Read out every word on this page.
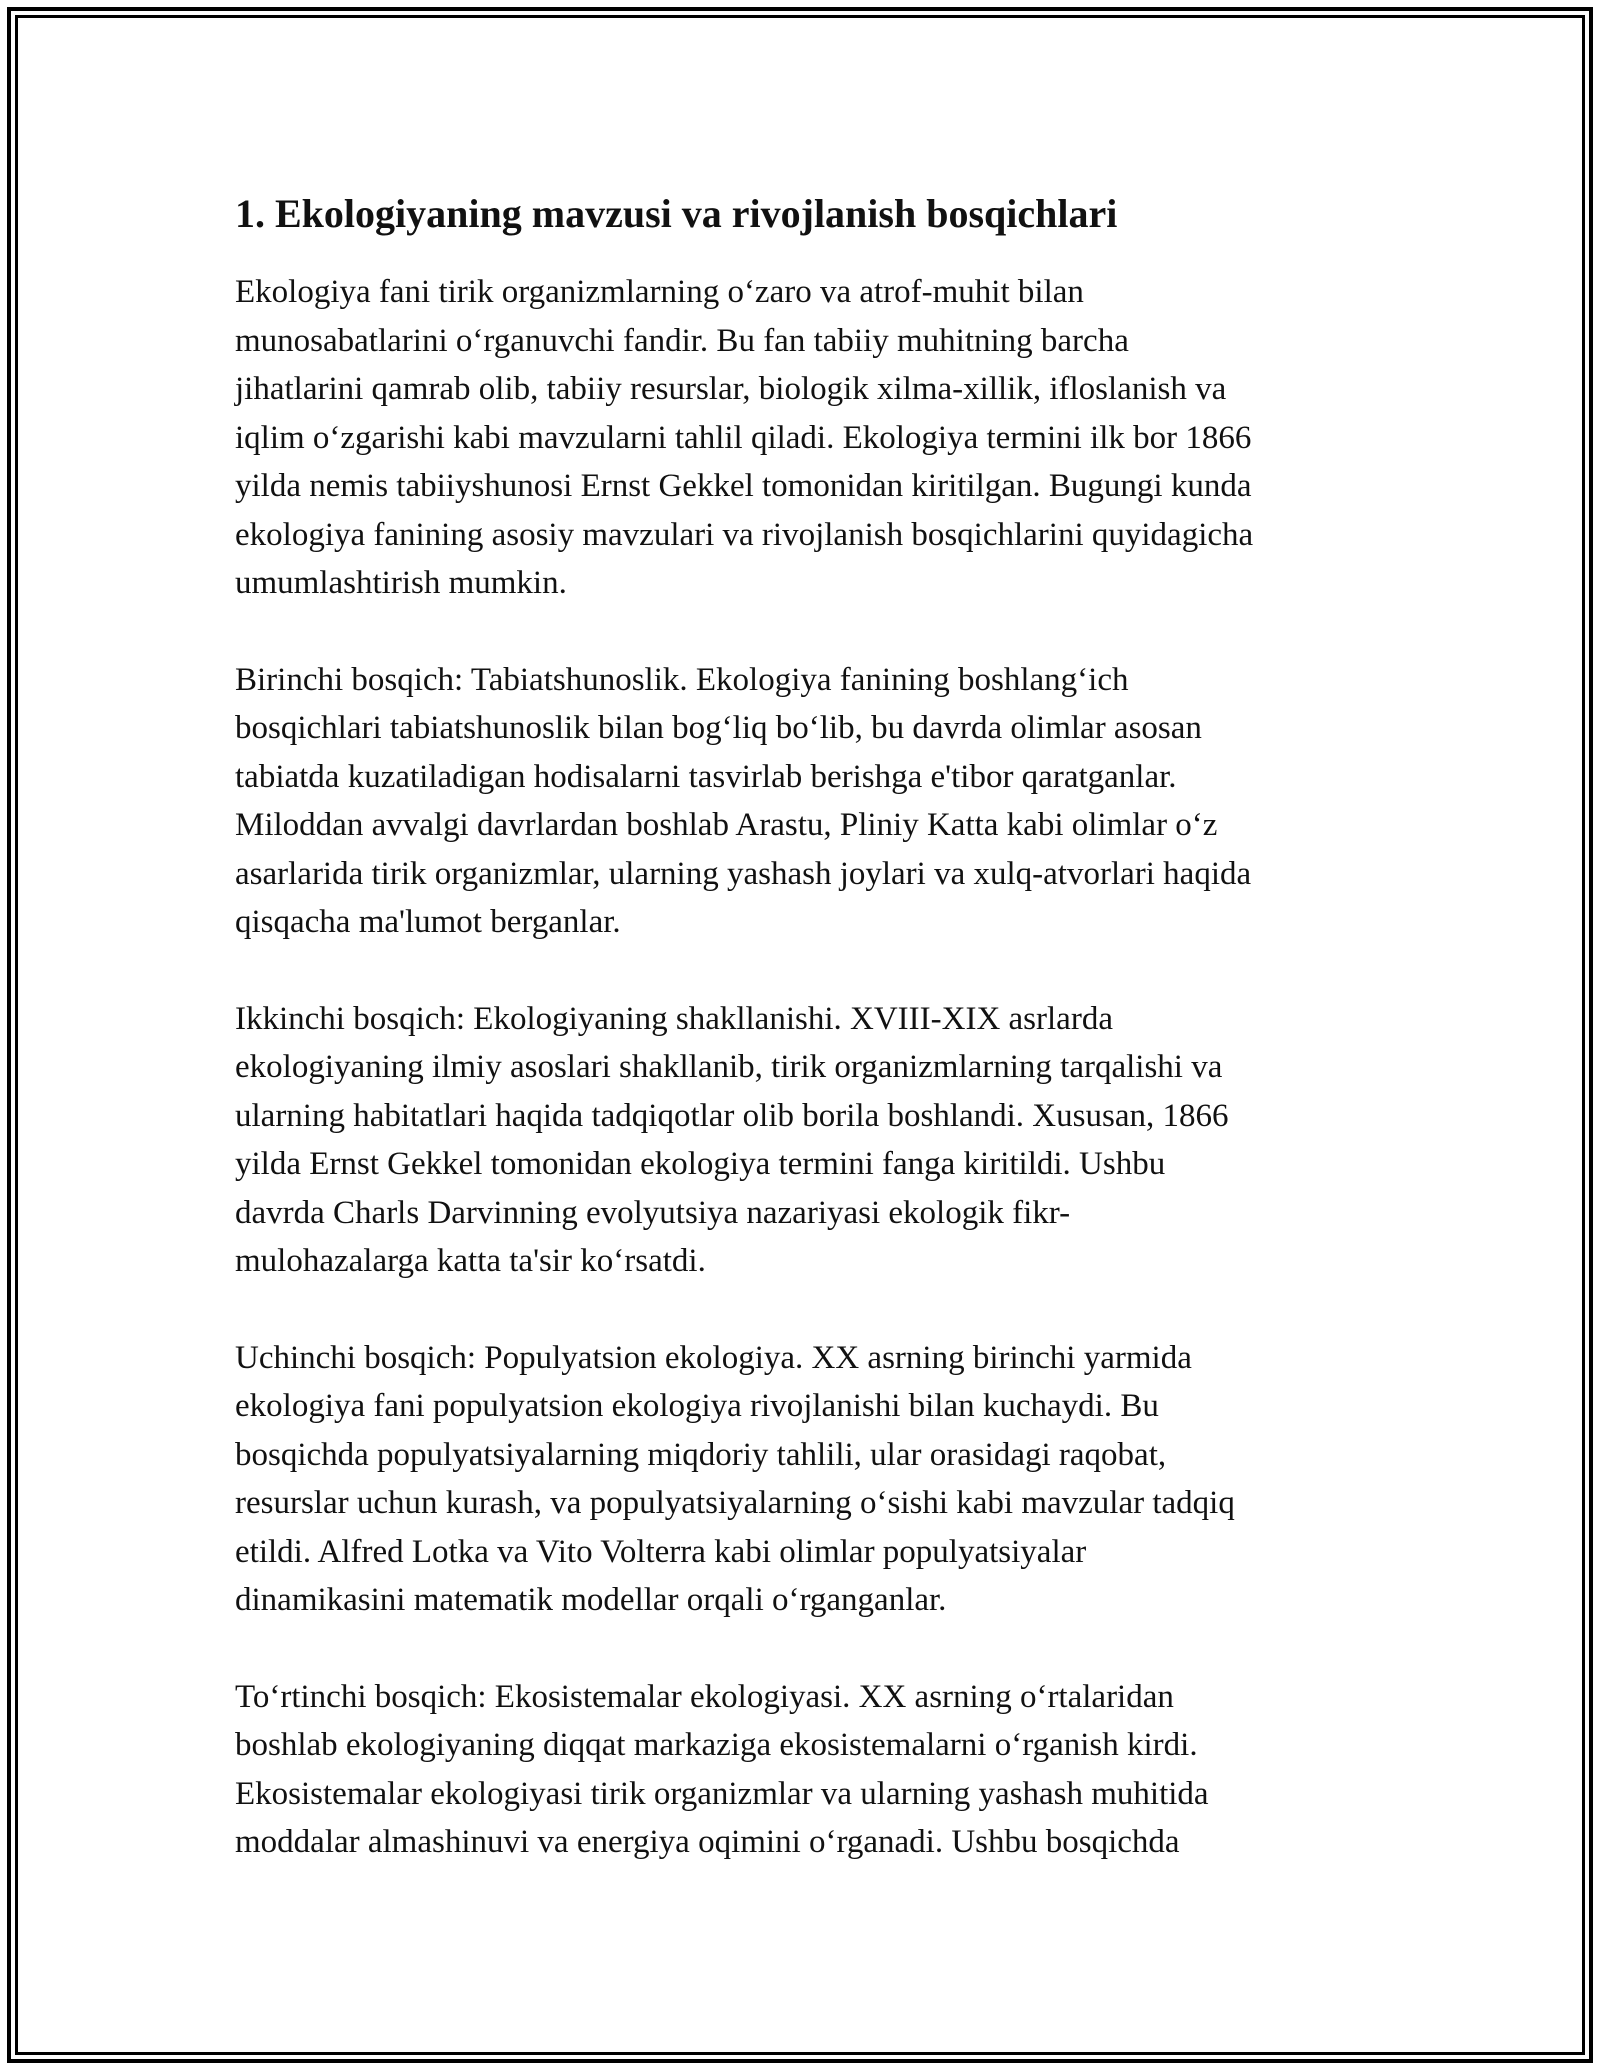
1. Ekologiyaning mavzusi va rivojlanish bosqichlari

Ekologiya fani tirik organizmlarning o‘zaro va atrof-muhit bilan
munosabatlarini o‘rganuvchi fandir. Bu fan tabiiy muhitning barcha
jihatlarini qamrab olib, tabiiy resurslar, biologik xilma-xillik, ifloslanish va
iqlim o‘zgarishi kabi mavzularni tahlil qiladi. Ekologiya termini ilk bor 1866
yilda nemis tabiiyshunosi Ernst Gekkel tomonidan kiritilgan. Bugungi kunda
ekologiya fanining asosiy mavzulari va rivojlanish bosqichlarini quyidagicha
umumlashtirish mumkin.

Birinchi bosqich: Tabiatshunoslik. Ekologiya fanining boshlang‘ich
bosqichlari tabiatshunoslik bilan bog‘liq bo‘lib, bu davrda olimlar asosan
tabiatda kuzatiladigan hodisalarni tasvirlab berishga e'tibor qaratganlar.
Miloddan avvalgi davrlardan boshlab Arastu, Pliniy Katta kabi olimlar o‘z
asarlarida tirik organizmlar, ularning yashash joylari va xulq-atvorlari haqida
qisqacha ma'lumot berganlar.

Ikkinchi bosqich: Ekologiyaning shakllanishi. XVIII-XIX asrlarda
ekologiyaning ilmiy asoslari shakllanib, tirik organizmlarning tarqalishi va
ularning habitatlari haqida tadqiqotlar olib borila boshlandi. Xususan, 1866
yilda Ernst Gekkel tomonidan ekologiya termini fanga kiritildi. Ushbu
davrda Charls Darvinning evolyutsiya nazariyasi ekologik fikr-
mulohazalarga katta ta'sir ko‘rsatdi.

Uchinchi bosqich: Populyatsion ekologiya. XX asrning birinchi yarmida
ekologiya fani populyatsion ekologiya rivojlanishi bilan kuchaydi. Bu
bosqichda populyatsiyalarning miqdoriy tahlili, ular orasidagi raqobat,
resurslar uchun kurash, va populyatsiyalarning o‘sishi kabi mavzular tadqiq
etildi. Alfred Lotka va Vito Volterra kabi olimlar populyatsiyalar
dinamikasini matematik modellar orqali o‘rganganlar.

To‘rtinchi bosqich: Ekosistemalar ekologiyasi. XX asrning o‘rtalaridan
boshlab ekologiyaning diqqat markaziga ekosistemalarni o‘rganish kirdi.
Ekosistemalar ekologiyasi tirik organizmlar va ularning yashash muhitida
moddalar almashinuvi va energiya oqimini o‘rganadi. Ushbu bosqichda
